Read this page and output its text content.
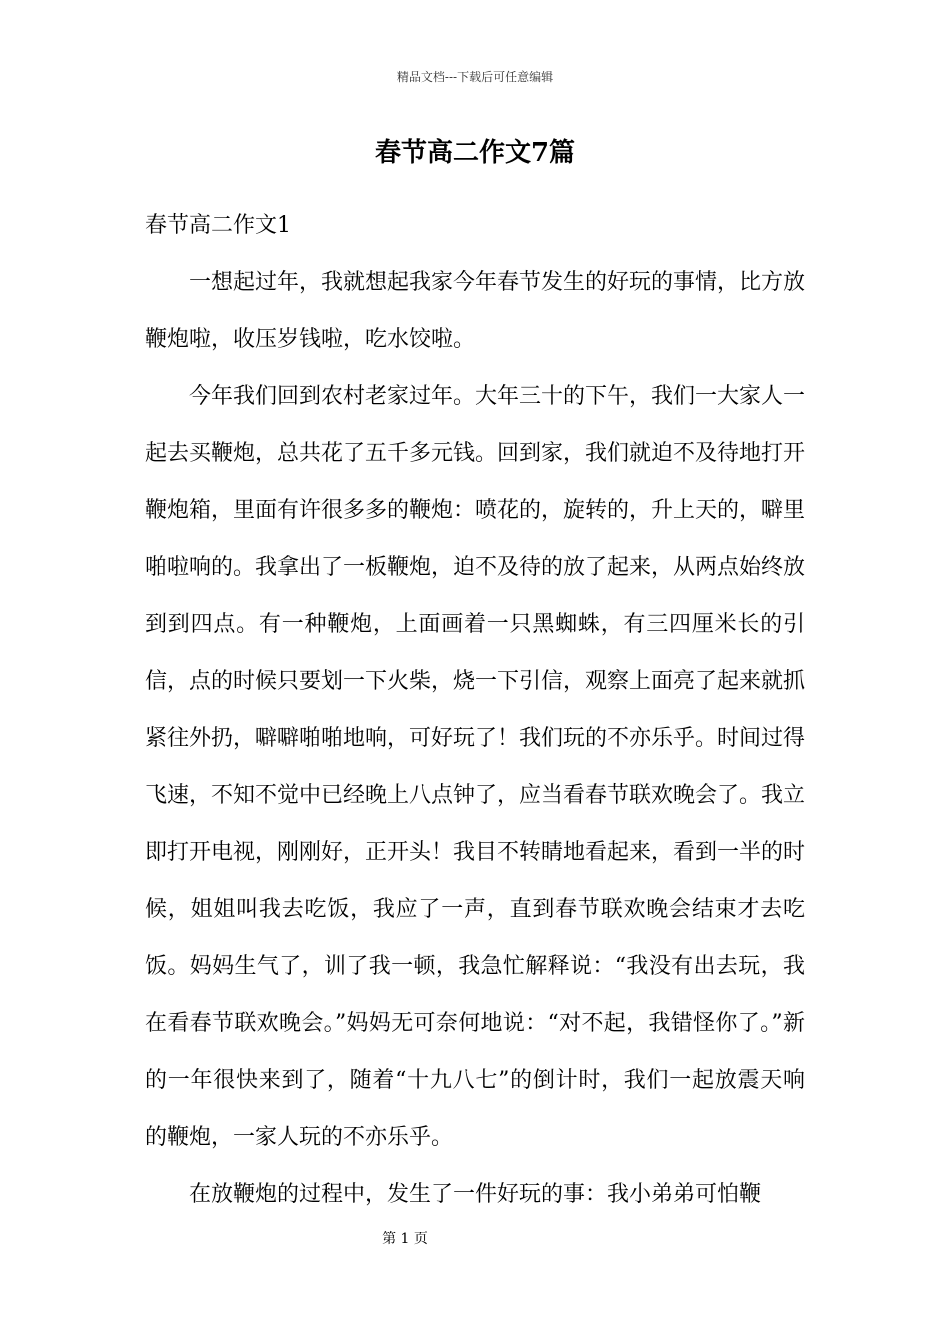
精品文档---下载后可任意编辑
春节高二作文7篇
春节高二作文1

一想起过年，我就想起我家今年春节发生的好玩的事情，比方放鞭炮啦，收压岁钱啦，吃水饺啦。

今年我们回到农村老家过年。大年三十的下午，我们一大家人一起去买鞭炮，总共花了五千多元钱。回到家，我们就迫不及待地打开鞭炮箱，里面有许很多多的鞭炮：喷花的，旋转的，升上天的，噼里啪啦响的。我拿出了一板鞭炮，迫不及待的放了起来，从两点始终放到到四点。有一种鞭炮，上面画着一只黑蜘蛛，有三四厘米长的引信，点的时候只要划一下火柴，烧一下引信，观察上面亮了起来就抓紧往外扔，噼噼啪啪地响，可好玩了！我们玩的不亦乐乎。时间过得飞速，不知不觉中已经晚上八点钟了，应当看春节联欢晚会了。我立即打开电视，刚刚好，正开头！我目不转睛地看起来，看到一半的时候，姐姐叫我去吃饭，我应了一声，直到春节联欢晚会结束才去吃饭。妈妈生气了，训了我一顿，我急忙解释说：“我没有出去玩，我在看春节联欢晚会。”妈妈无可奈何地说：“对不起，我错怪你了。”新的一年很快来到了，随着“十九八七”的倒计时，我们一起放震天响的鞭炮，一家人玩的不亦乐乎。

在放鞭炮的过程中，发生了一件好玩的事：我小弟弟可怕鞭

第 1 页
